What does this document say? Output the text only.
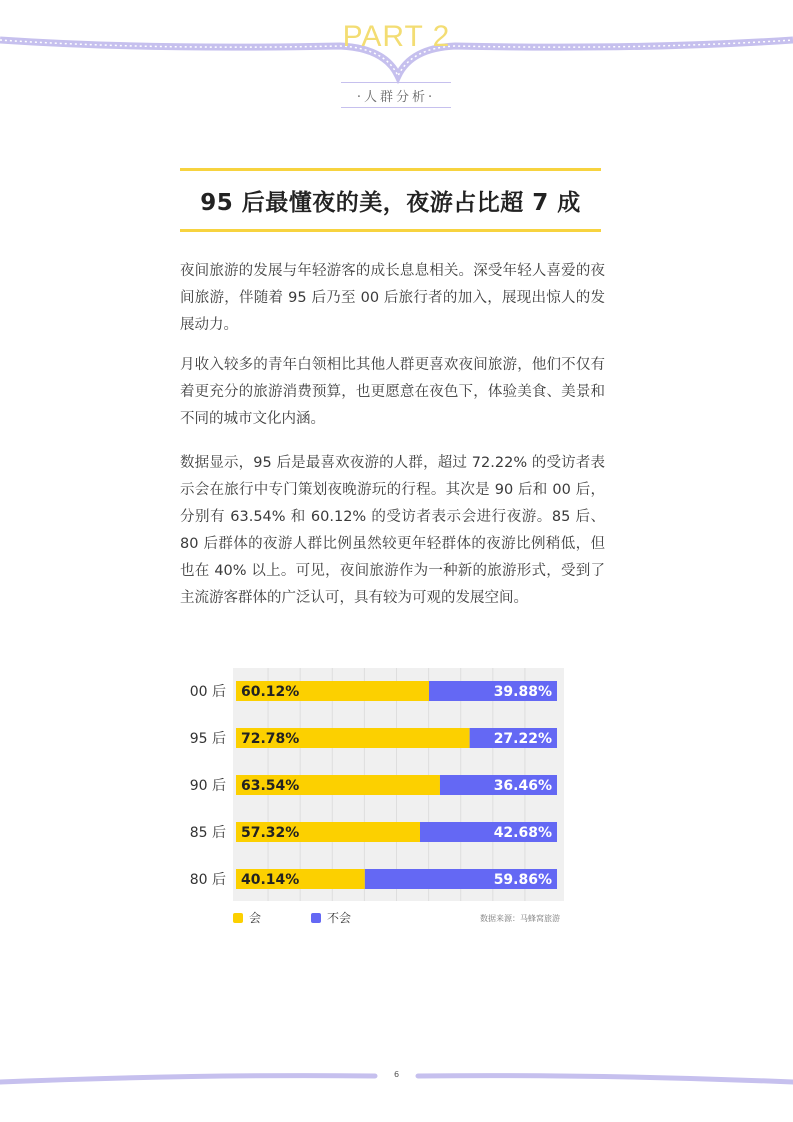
PART 2
·人群分析·
95 后最懂夜的美，夜游占比超 7 成
夜间旅游的发展与年轻游客的成长息息相关。深受年轻人喜爱的夜间旅游，伴随着 95 后乃至 00 后旅行者的加入，展现出惊人的发展动力。
月收入较多的青年白领相比其他人群更喜欢夜间旅游，他们不仅有着更充分的旅游消费预算，也更愿意在夜色下，体验美食、美景和不同的城市文化内涵。
数据显示，95 后是最喜欢夜游的人群，超过 72.22% 的受访者表示会在旅行中专门策划夜晚游玩的行程。其次是 90 后和 00 后，分别有 63.54% 和 60.12% 的受访者表示会进行夜游。85 后、80 后群体的夜游人群比例虽然较更年轻群体的夜游比例稍低，但也在 40% 以上。可见，夜间旅游作为一种新的旅游形式，受到了主流游客群体的广泛认可，具有较为可观的发展空间。
00 后 60.12%	39.88%
95 后 72.78%	27.22%
90 后 63.54%	36.46%
85 后 57.32%	42.68%
80 后 40.14%	59.86%
会	不会	数据来源：马蜂窝旅游
6
